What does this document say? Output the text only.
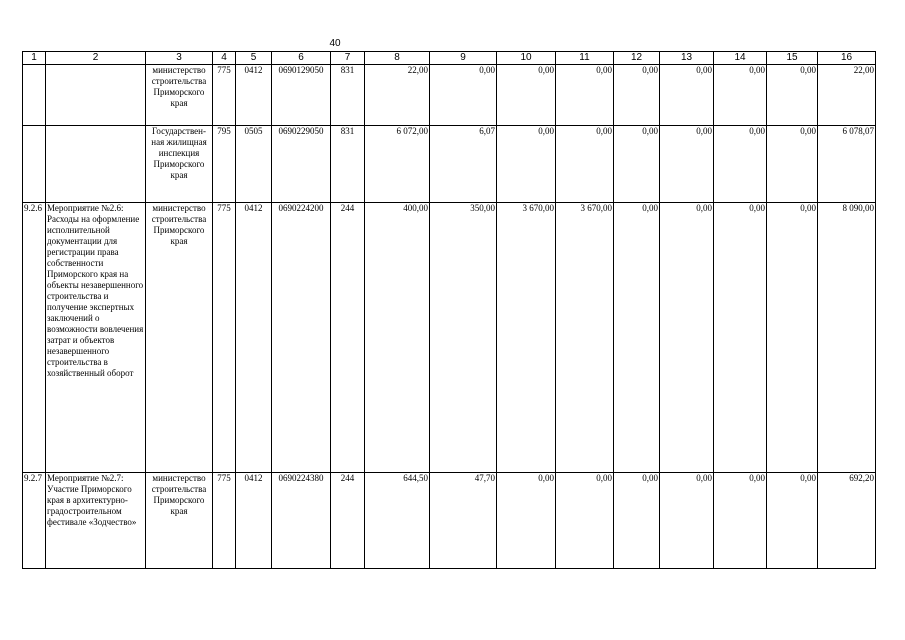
40
1	2	3	4	5	6	7	8	9	10	11	12	13	14	15	16
		министерство строительства Приморского края	775	0412	0690129050	831	22,00	0,00	0,00	0,00	0,00	0,00	0,00	0,00	22,00
		Государствен-ная жилищная инспекция Приморского края	795	0505	0690229050	831	6 072,00	6,07	0,00	0,00	0,00	0,00	0,00	0,00	6 078,07
9.2.6	Мероприятие №2.6: Расходы на оформление исполнительной документации для регистрации права собственности Приморского края на объекты незавершенного строительства и получение экспертных заключений о возможности вовлечения затрат и объектов незавершенного строительства в хозяйственный оборот	министерство строительства Приморского края	775	0412	0690224200	244	400,00	350,00	3 670,00	3 670,00	0,00	0,00	0,00	0,00	8 090,00
9.2.7	Мероприятие №2.7: Участие Приморского края в архитектурно-градостроительном фестивале «Зодчество»	министерство строительства Приморского края	775	0412	0690224380	244	644,50	47,70	0,00	0,00	0,00	0,00	0,00	0,00	692,20
